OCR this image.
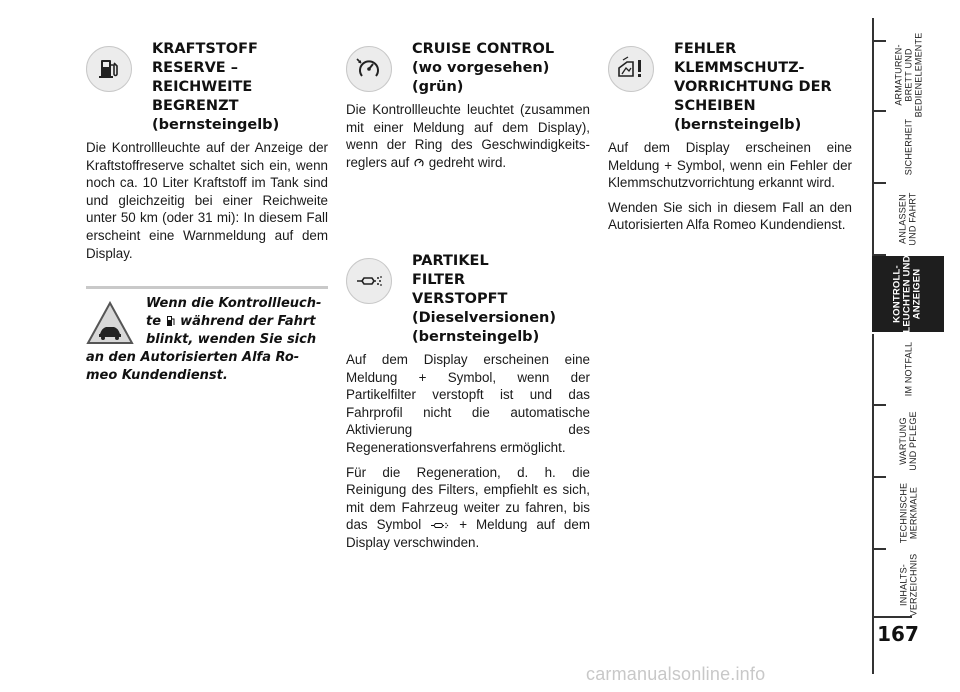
KRAFTSTOFF
RESERVE –
REICHWEITE
BEGRENZT
(bernsteingelb)

Die Kontrollleuchte auf der Anzeige der Kraftstoffreserve schaltet sich ein, wenn noch ca. 10 Liter Kraftstoff im Tank sind und gleichzeitig bei einer Reichweite unter 50 km (oder 31 mi): In diesem Fall erscheint eine Warnmeldung auf dem Display.

Wenn die Kontrollleuch-
te während der Fahrt
blinkt, wenden Sie sich
an den Autorisierten Alfa Ro-
meo Kundendienst.
CRUISE CONTROL
(wo vorgesehen)
(grün)

Die Kontrollleuchte leuchtet (zusammen mit einer Meldung auf dem Display), wenn der Ring des Geschwindigkeits-reglers auf gedreht wird.

PARTIKEL
FILTER
VERSTOPFT
(Dieselversionen)
(bernsteingelb)

Auf dem Display erscheinen eine Meldung + Symbol, wenn der Partikelfilter verstopft ist und das Fahrprofil nicht die automatische Aktivierung des Regenerationsverfahrens ermöglicht.

Für die Regeneration, d. h. die Reinigung des Filters, empfiehlt es sich, mit dem Fahrzeug weiter zu fahren, bis das Symbol	+ Meldung auf dem Display verschwinden.

FEHLER
KLEMMSCHUTZ-
VORRICHTUNG DER
SCHEIBEN
(bernsteingelb)

Auf dem Display erscheinen eine Meldung + Symbol, wenn ein Fehler der Klemmschutzvorrichtung erkannt wird.

Wenden Sie sich in diesem Fall an den Autorisierten Alfa Romeo Kundendienst.

ARMATUREN-
BRETT UND
BEDIENELEMENTE
SICHERHEIT
ANLASSEN
UND FAHRT
KONTROLL-
LEUCHTEN UND
ANZEIGEN
IM NOTFALL
WARTUNG
UND PFLEGE
TECHNISCHE
MERKMALE
INHALTS-
VERZEICHNIS
167
carmanualsonline.info
